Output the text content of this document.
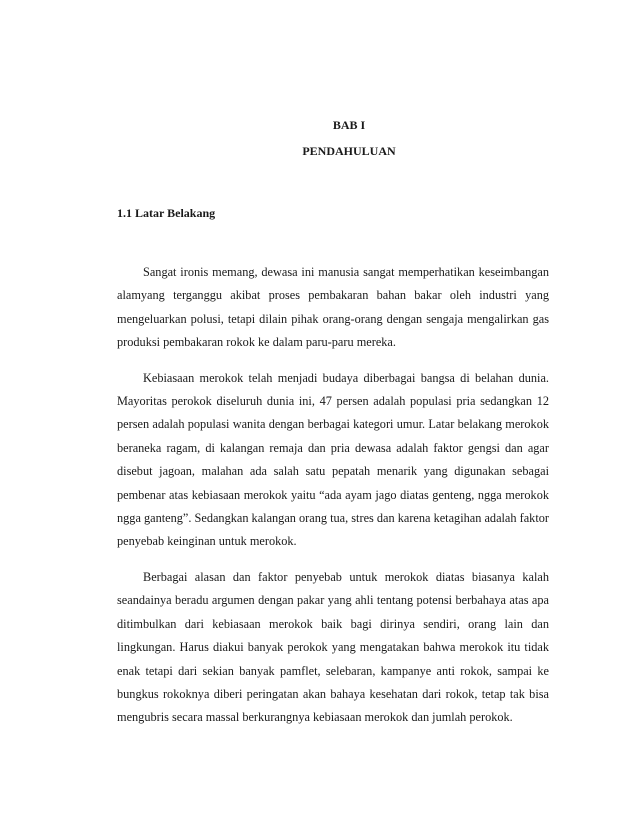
BAB I
PENDAHULUAN
1.1 Latar Belakang

Sangat ironis memang, dewasa ini manusia sangat memperhatikan keseimbangan alamyang terganggu akibat proses pembakaran bahan bakar oleh industri yang mengeluarkan polusi, tetapi dilain pihak orang-orang dengan sengaja mengalirkan gas produksi pembakaran rokok ke dalam paru-paru mereka.

Kebiasaan merokok telah menjadi budaya diberbagai bangsa di belahan dunia. Mayoritas perokok diseluruh dunia ini, 47 persen adalah populasi pria sedangkan 12 persen adalah populasi wanita dengan berbagai kategori umur. Latar belakang merokok beraneka ragam, di kalangan remaja dan pria dewasa adalah faktor gengsi dan agar disebut jagoan, malahan ada salah satu pepatah menarik yang digunakan sebagai pembenar atas kebiasaan merokok yaitu “ada ayam jago diatas genteng, ngga merokok ngga ganteng”. Sedangkan kalangan orang tua, stres dan karena ketagihan adalah faktor penyebab keinginan untuk merokok.

Berbagai alasan dan faktor penyebab untuk merokok diatas biasanya kalah seandainya beradu argumen dengan pakar yang ahli tentang potensi berbahaya atas apa ditimbulkan dari kebiasaan merokok baik bagi dirinya sendiri, orang lain dan lingkungan. Harus diakui banyak perokok yang mengatakan bahwa merokok itu tidak enak tetapi dari sekian banyak pamflet, selebaran, kampanye anti rokok, sampai ke bungkus rokoknya diberi peringatan akan bahaya kesehatan dari rokok, tetap tak bisa mengubris secara massal berkurangnya kebiasaan merokok dan jumlah perokok.
